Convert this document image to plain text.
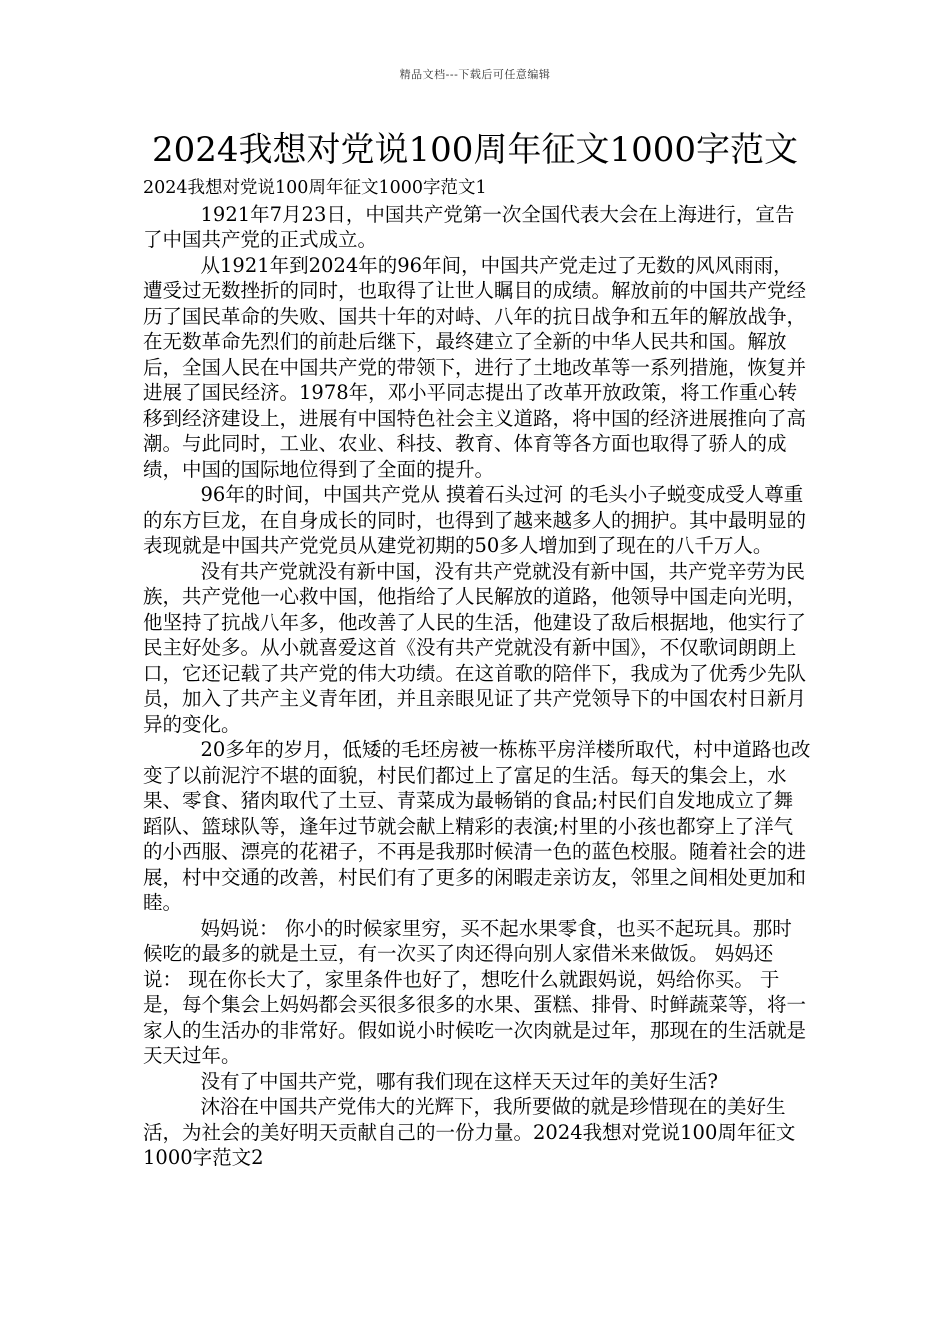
精品文档---下载后可任意编辑
2024我想对党说100周年征文1000字范文

2024我想对党说100周年征文1000字范文1

1921年7月23日，中国共产党第一次全国代表大会在上海进行，宣告了中国共产党的正式成立。

从1921年到2024年的96年间，中国共产党走过了无数的风风雨雨，遭受过无数挫折的同时，也取得了让世人瞩目的成绩。解放前的中国共产党经历了国民革命的失败、国共十年的对峙、八年的抗日战争和五年的解放战争，在无数革命先烈们的前赴后继下，最终建立了全新的中华人民共和国。解放后，全国人民在中国共产党的带领下，进行了土地改革等一系列措施，恢复并进展了国民经济。1978年，邓小平同志提出了改革开放政策，将工作重心转移到经济建设上，进展有中国特色社会主义道路，将中国的经济进展推向了高潮。与此同时，工业、农业、科技、教育、体育等各方面也取得了骄人的成绩，中国的国际地位得到了全面的提升。

96年的时间，中国共产党从 摸着石头过河 的毛头小子蜕变成受人尊重的东方巨龙，在自身成长的同时，也得到了越来越多人的拥护。其中最明显的表现就是中国共产党党员从建党初期的50多人增加到了现在的八千万人。

没有共产党就没有新中国，没有共产党就没有新中国，共产党辛劳为民族，共产党他一心救中国，他指给了人民解放的道路，他领导中国走向光明，他坚持了抗战八年多，他改善了人民的生活，他建设了敌后根据地，他实行了民主好处多。从小就喜爱这首《没有共产党就没有新中国》，不仅歌词朗朗上口，它还记载了共产党的伟大功绩。在这首歌的陪伴下，我成为了优秀少先队员，加入了共产主义青年团，并且亲眼见证了共产党领导下的中国农村日新月异的变化。

20多年的岁月，低矮的毛坯房被一栋栋平房洋楼所取代，村中道路也改变了以前泥泞不堪的面貌，村民们都过上了富足的生活。每天的集会上，水果、零食、猪肉取代了土豆、青菜成为最畅销的食品;村民们自发地成立了舞蹈队、篮球队等，逢年过节就会献上精彩的表演;村里的小孩也都穿上了洋气的小西服、漂亮的花裙子，不再是我那时候清一色的蓝色校服。随着社会的进展，村中交通的改善，村民们有了更多的闲暇走亲访友，邻里之间相处更加和睦。

妈妈说： 你小的时候家里穷，买不起水果零食，也买不起玩具。那时候吃的最多的就是土豆，有一次买了肉还得向别人家借米来做饭。 妈妈还说： 现在你长大了，家里条件也好了，想吃什么就跟妈说，妈给你买。 于是，每个集会上妈妈都会买很多很多的水果、蛋糕、排骨、时鲜蔬菜等，将一家人的生活办的非常好。假如说小时候吃一次肉就是过年，那现在的生活就是天天过年。

没有了中国共产党，哪有我们现在这样天天过年的美好生活?

沐浴在中国共产党伟大的光辉下，我所要做的就是珍惜现在的美好生活，为社会的美好明天贡献自己的一份力量。2024我想对党说100周年征文1000字范文2
